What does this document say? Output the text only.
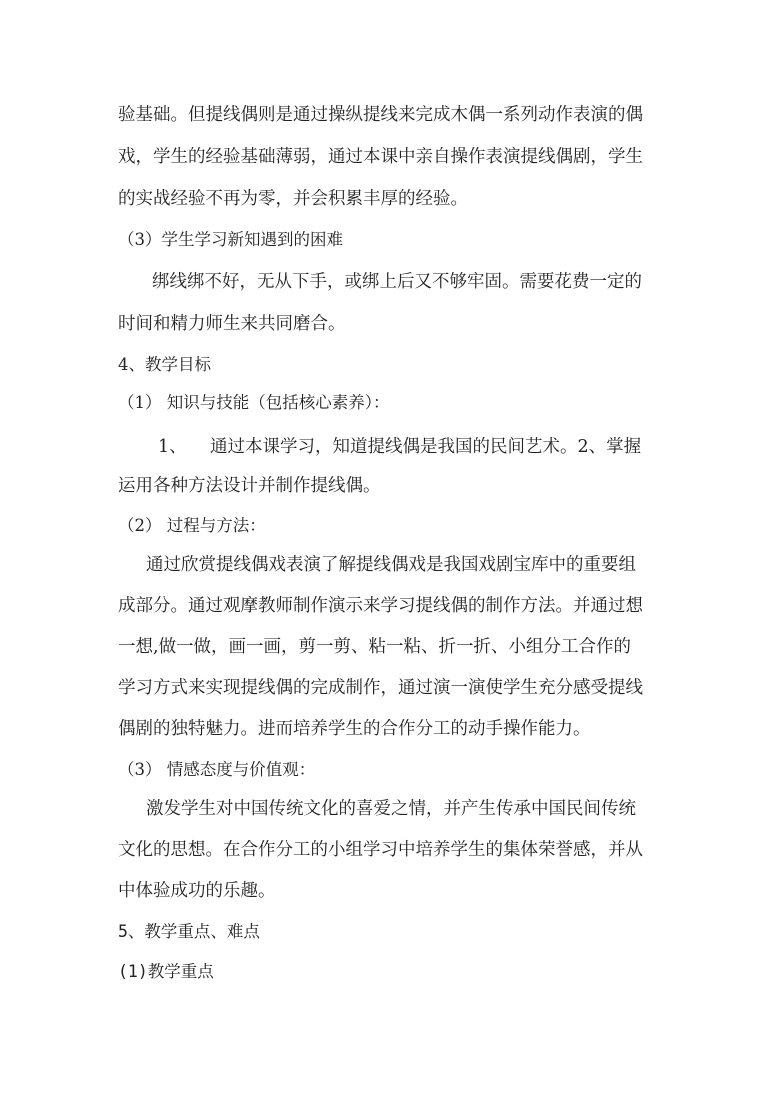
验基础。但提线偶则是通过操纵提线来完成木偶一系列动作表演的偶
戏，学生的经验基础薄弱，通过本课中亲自操作表演提线偶剧，学生
的实战经验不再为零，并会积累丰厚的经验。
（3）学生学习新知遇到的困难
绑线绑不好，无从下手，或绑上后又不够牢固。需要花费一定的
时间和精力师生来共同磨合。
4、教学目标
（1） 知识与技能（包括核心素养）：
1、 通过本课学习，知道提线偶是我国的民间艺术。2、掌握
运用各种方法设计并制作提线偶。
（2） 过程与方法：
通过欣赏提线偶戏表演了解提线偶戏是我国戏剧宝库中的重要组
成部分。通过观摩教师制作演示来学习提线偶的制作方法。并通过想
一想,做一做，画一画，剪一剪、粘一粘、折一折、小组分工合作的
学习方式来实现提线偶的完成制作，通过演一演使学生充分感受提线
偶剧的独特魅力。进而培养学生的合作分工的动手操作能力。
（3） 情感态度与价值观：
激发学生对中国传统文化的喜爱之情，并产生传承中国民间传统
文化的思想。在合作分工的小组学习中培养学生的集体荣誉感，并从
中体验成功的乐趣。
5、教学重点、难点
(1)教学重点
